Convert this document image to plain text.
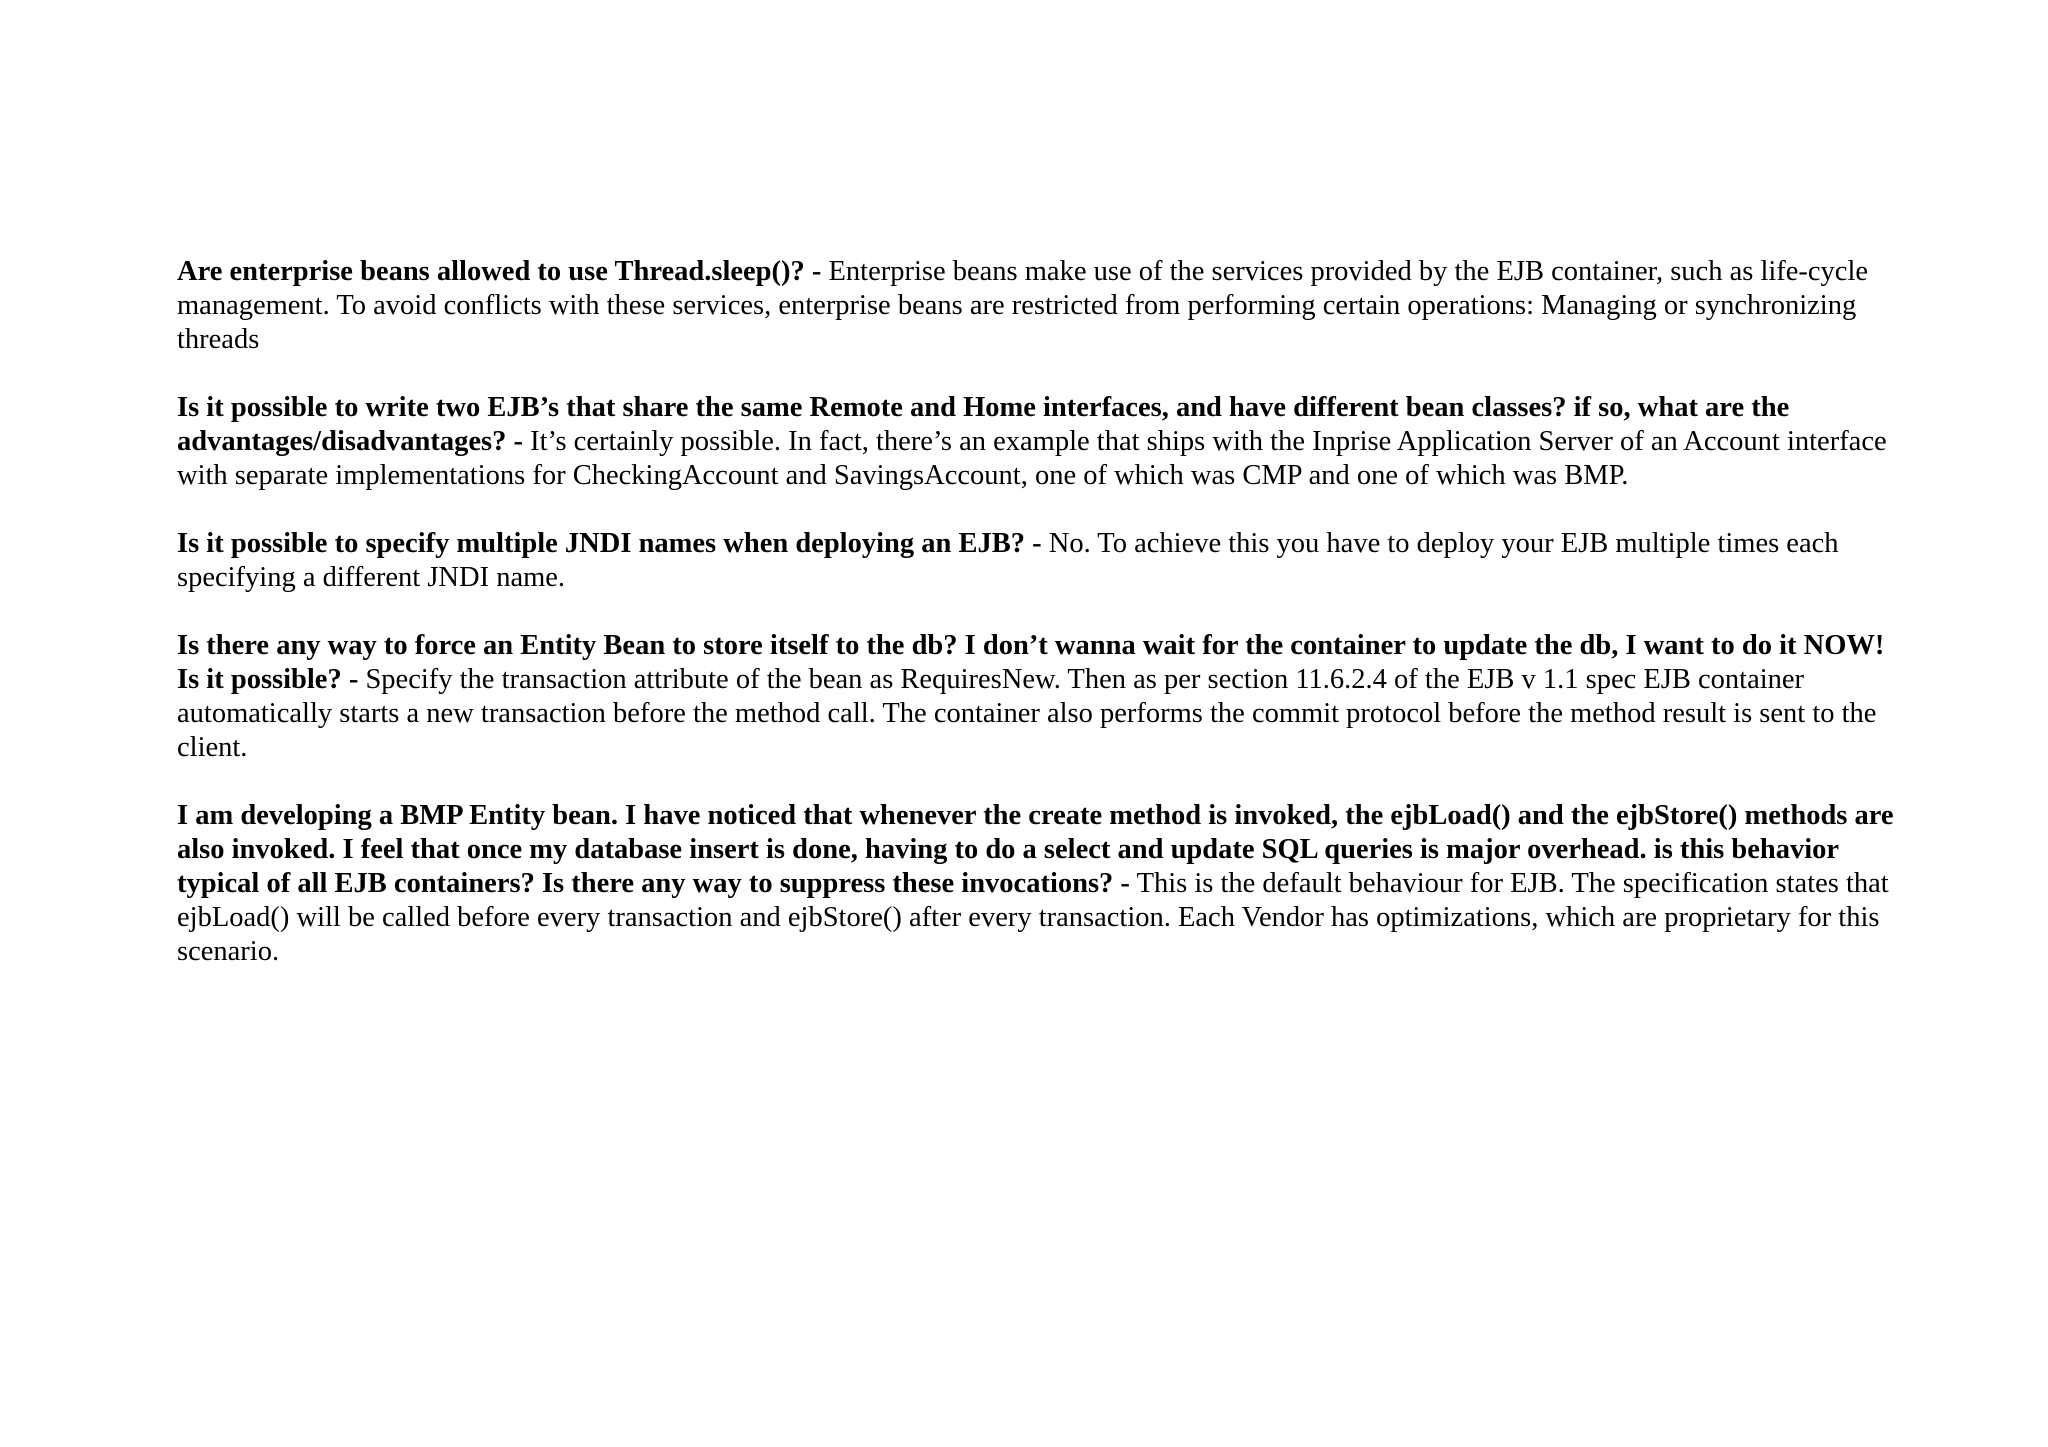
Are enterprise beans allowed to use Thread.sleep()? - Enterprise beans make use of the services provided by the EJB container, such as life-cycle management. To avoid conflicts with these services, enterprise beans are restricted from performing certain operations: Managing or synchronizing threads

Is it possible to write two EJB’s that share the same Remote and Home interfaces, and have different bean classes? if so, what are the advantages/disadvantages? - It’s certainly possible. In fact, there’s an example that ships with the Inprise Application Server of an Account interface with separate implementations for CheckingAccount and SavingsAccount, one of which was CMP and one of which was BMP.

Is it possible to specify multiple JNDI names when deploying an EJB? - No. To achieve this you have to deploy your EJB multiple times each specifying a different JNDI name.

Is there any way to force an Entity Bean to store itself to the db? I don’t wanna wait for the container to update the db, I want to do it NOW! Is it possible? - Specify the transaction attribute of the bean as RequiresNew. Then as per section 11.6.2.4 of the EJB v 1.1 spec EJB container automatically starts a new transaction before the method call. The container also performs the commit protocol before the method result is sent to the client.

I am developing a BMP Entity bean. I have noticed that whenever the create method is invoked, the ejbLoad() and the ejbStore() methods are also invoked. I feel that once my database insert is done, having to do a select and update SQL queries is major overhead. is this behavior typical of all EJB containers? Is there any way to suppress these invocations? - This is the default behaviour for EJB. The specification states that ejbLoad() will be called before every transaction and ejbStore() after every transaction. Each Vendor has optimizations, which are proprietary for this scenario.
